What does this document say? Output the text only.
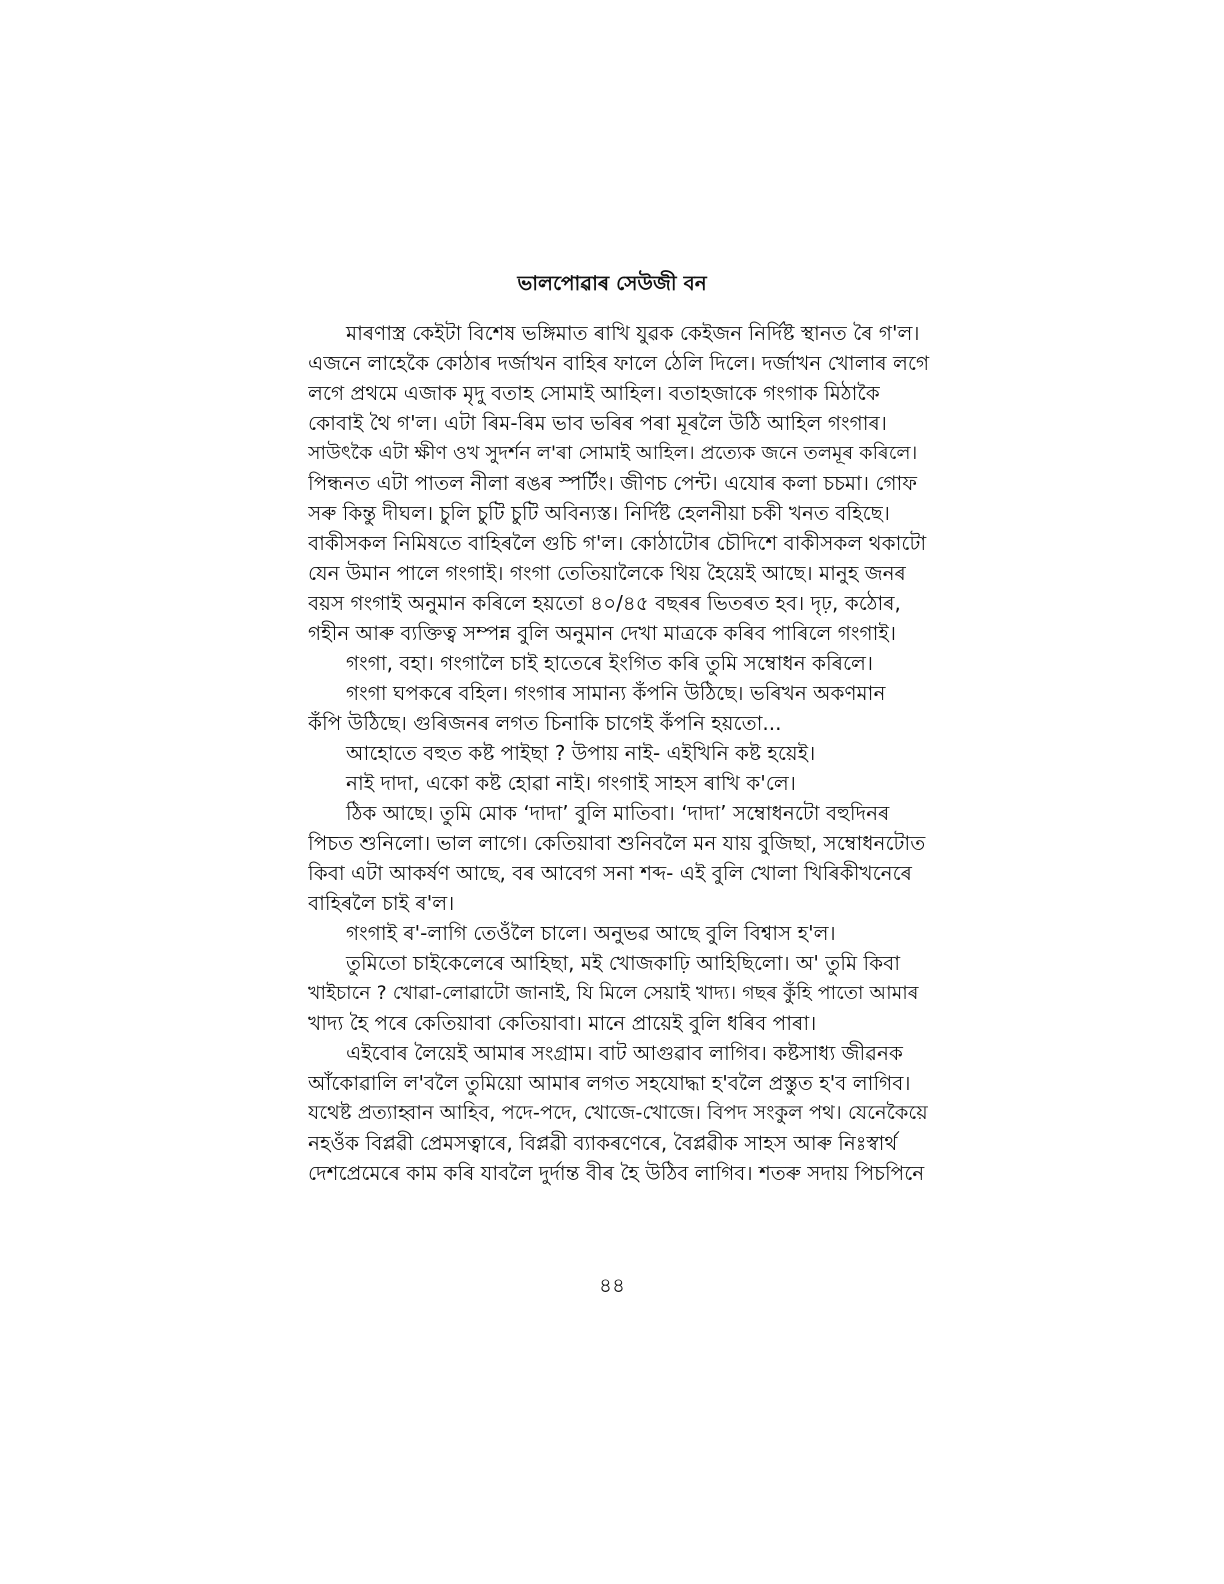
ভালপোৱাৰ সেউজী বন
মাৰণাস্ত্ৰ কেইটা বিশেষ ভঙ্গিমাত ৰাখি যুৱক কেইজন নিৰ্দিষ্ট স্থানত ৰৈ গ'ল।
এজনে লাহেকৈ কোঠাৰ দৰ্জাখন বাহিৰ ফালে ঠেলি দিলে। দৰ্জাখন খোলাৰ লগে
লগে প্ৰথমে এজাক মৃদু বতাহ সোমাই আহিল। বতাহজাকে গংগাক মিঠাকৈ
কোবাই থৈ গ'ল। এটা ৰিম-ৰিম ভাব ভৰিৰ পৰা মূৰলৈ উঠি আহিল গংগাৰ।
সাউৎকৈ এটা ক্ষীণ ওখ সুদৰ্শন ল'ৰা সোমাই আহিল। প্ৰত্যেক জনে তলমূৰ কৰিলে।
পিন্ধনত এটা পাতল নীলা ৰঙৰ স্পৰ্টিং। জীণচ পেন্ট। এযোৰ কলা চচমা। গোফ
সৰু কিন্তু দীঘল। চুলি চুটি চুটি অবিন্যস্ত। নিৰ্দিষ্ট হেলনীয়া চকী খনত বহিছে।
বাকীসকল নিমিষতে বাহিৰলৈ গুচি গ'ল। কোঠাটোৰ চৌদিশে বাকীসকল থকাটো
যেন উমান পালে গংগাই। গংগা তেতিয়ালৈকে থিয় হৈয়েই আছে। মানুহ জনৰ
বয়স গংগাই অনুমান কৰিলে হয়তো ৪০/৪৫ বছৰৰ ভিতৰত হব। দৃঢ়, কঠোৰ,
গহীন আৰু ব্যক্তিত্ব সম্পন্ন বুলি অনুমান দেখা মাত্ৰকে কৰিব পাৰিলে গংগাই।
গংগা, বহা। গংগালৈ চাই হাতেৰে ইংগিত কৰি তুমি সম্বোধন কৰিলে।
গংগা ঘপকৰে বহিল। গংগাৰ সামান্য কঁপনি উঠিছে। ভৰিখন অকণমান
কঁপি উঠিছে। গুৰিজনৰ লগত চিনাকি চাগেই কঁপনি হয়তো...
আহোতে বহুত কষ্ট পাইছা ? উপায় নাই- এইখিনি কষ্ট হয়েই।
নাই দাদা, একো কষ্ট হোৱা নাই। গংগাই সাহস ৰাখি ক'লে।
ঠিক আছে। তুমি মোক ‘দাদা’ বুলি মাতিবা। ‘দাদা’ সম্বোধনটো বহুদিনৰ
পিচত শুনিলো। ভাল লাগে। কেতিয়াবা শুনিবলৈ মন যায় বুজিছা, সম্বোধনটোত
কিবা এটা আকৰ্ষণ আছে, বৰ আবেগ সনা শব্দ- এই বুলি খোলা খিৰিকীখনেৰে
বাহিৰলৈ চাই ৰ'ল।
গংগাই ৰ'-লাগি তেওঁলৈ চালে। অনুভৱ আছে বুলি বিশ্বাস হ'ল।
তুমিতো চাইকেলেৰে আহিছা, মই খোজকাঢ়ি আহিছিলো। অ' তুমি কিবা
খাইচানে ? খোৱা-লোৱাটো জানাই, যি মিলে সেয়াই খাদ্য। গছৰ কুঁহি পাতো আমাৰ
খাদ্য হৈ পৰে কেতিয়াবা কেতিয়াবা। মানে প্ৰায়েই বুলি ধৰিব পাৰা।
এইবোৰ লৈয়েই আমাৰ সংগ্ৰাম। বাট আগুৱাব লাগিব। কষ্টসাধ্য জীৱনক
আঁকোৱালি ল'বলৈ তুমিয়ো আমাৰ লগত সহযোদ্ধা হ'বলৈ প্ৰস্তুত হ'ব লাগিব।
যথেষ্ট প্ৰত্যাহ্বান আহিব, পদে-পদে, খোজে-খোজে। বিপদ সংকুল পথ। যেনেকৈয়ে
নহওঁক বিপ্লৱী প্ৰেমসত্বাৰে, বিপ্লৱী ব্যাকৰণেৰে, বৈপ্লৱীক সাহস আৰু নিঃস্বাৰ্থ
দেশপ্ৰেমেৰে কাম কৰি যাবলৈ দুৰ্দান্ত বীৰ হৈ উঠিব লাগিব। শতৰু সদায় পিচপিনে
৪৪
